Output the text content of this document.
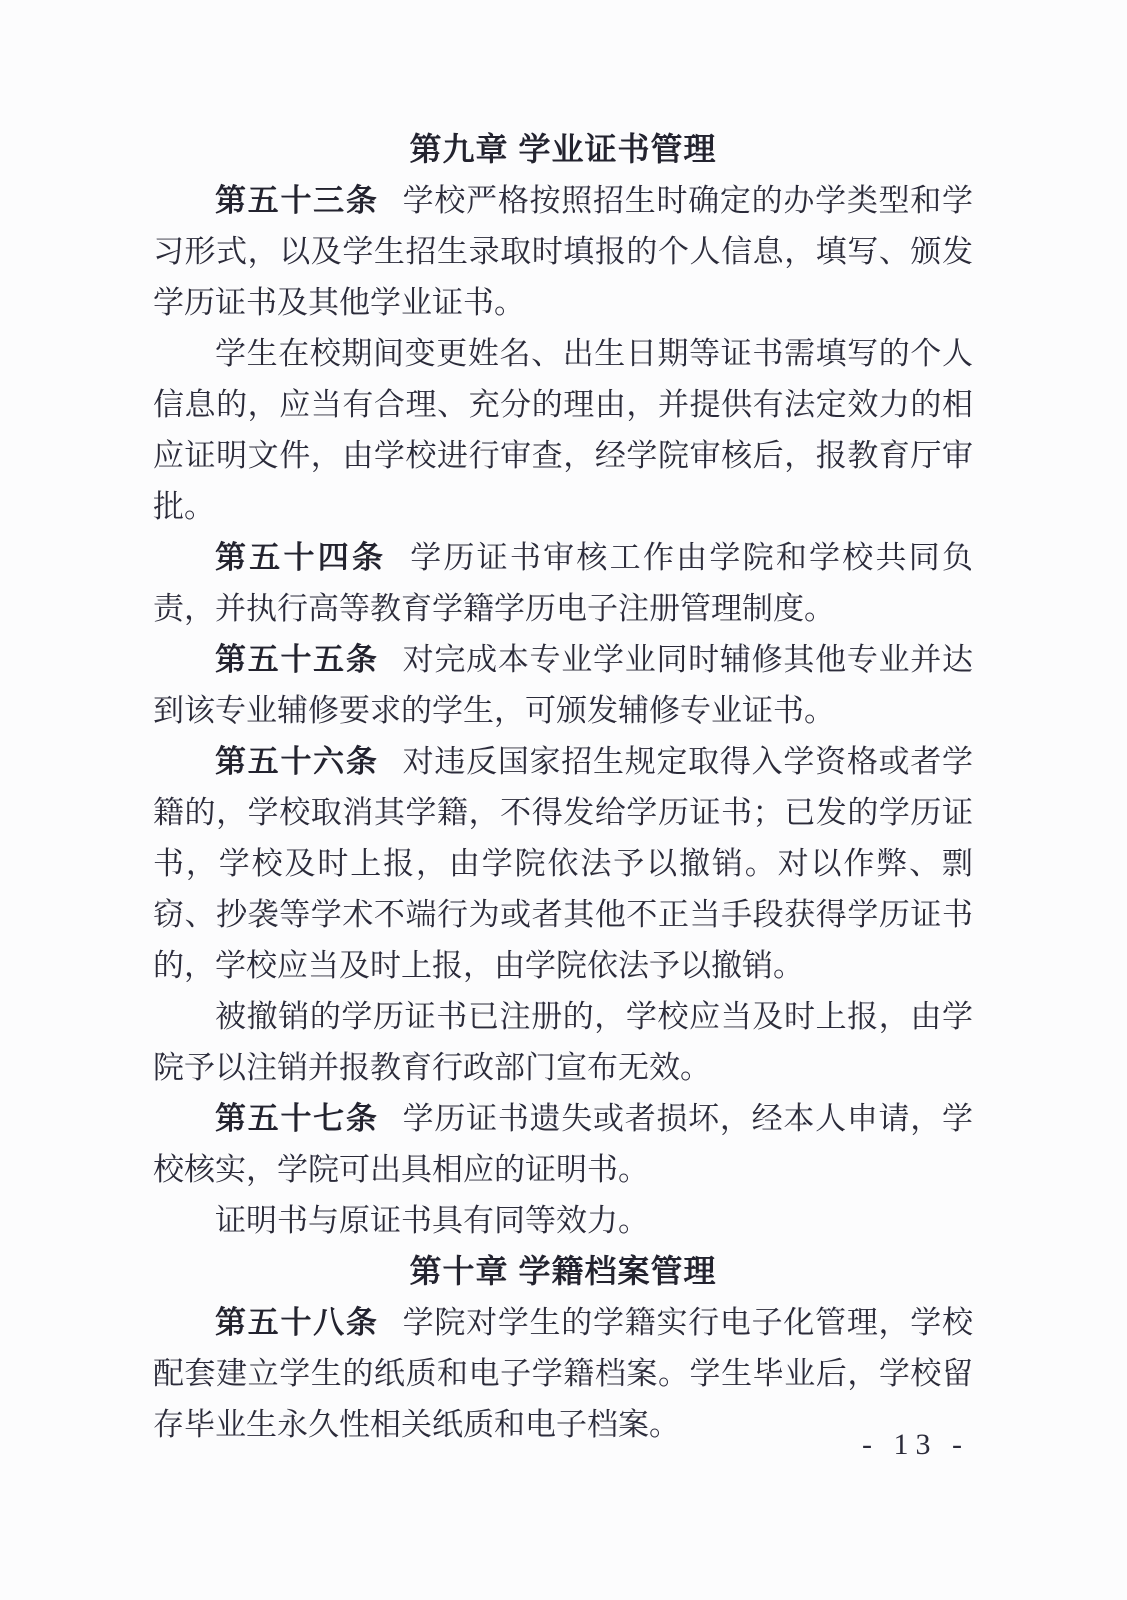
第九章 学业证书管理

第五十三条 学校严格按照招生时确定的办学类型和学习形式，以及学生招生录取时填报的个人信息，填写、颁发学历证书及其他学业证书。

学生在校期间变更姓名、出生日期等证书需填写的个人信息的，应当有合理、充分的理由，并提供有法定效力的相应证明文件，由学校进行审查，经学院审核后，报教育厅审批。

第五十四条 学历证书审核工作由学院和学校共同负责，并执行高等教育学籍学历电子注册管理制度。

第五十五条 对完成本专业学业同时辅修其他专业并达到该专业辅修要求的学生，可颁发辅修专业证书。

第五十六条 对违反国家招生规定取得入学资格或者学籍的，学校取消其学籍，不得发给学历证书；已发的学历证书，学校及时上报，由学院依法予以撤销。对以作弊、剽窃、抄袭等学术不端行为或者其他不正当手段获得学历证书的，学校应当及时上报，由学院依法予以撤销。

被撤销的学历证书已注册的，学校应当及时上报，由学院予以注销并报教育行政部门宣布无效。

第五十七条 学历证书遗失或者损坏，经本人申请，学校核实，学院可出具相应的证明书。

证明书与原证书具有同等效力。

第十章 学籍档案管理

第五十八条 学院对学生的学籍实行电子化管理，学校配套建立学生的纸质和电子学籍档案。学生毕业后，学校留存毕业生永久性相关纸质和电子档案。

- 13 -
